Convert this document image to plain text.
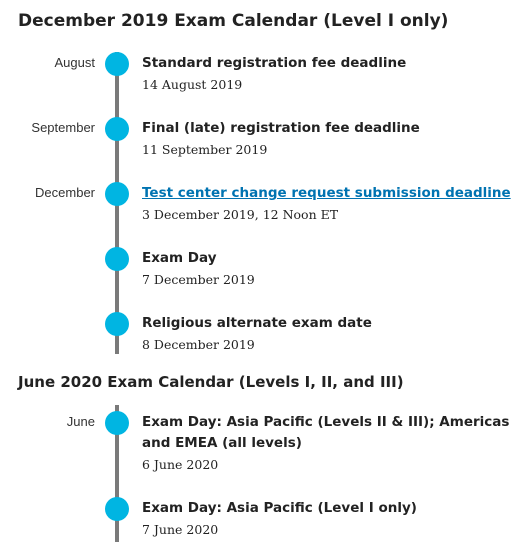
December 2019 Exam Calendar (Level I only)
August	Standard registration fee deadline
14 August 2019
September	Final (late) registration fee deadline
11 September 2019
December	Test center change request submission deadline
3 December 2019, 12 Noon ET
Exam Day
7 December 2019
Religious alternate exam date
8 December 2019
June 2020 Exam Calendar (Levels I, II, and III)
June	Exam Day: Asia Pacific (Levels II & III); Americas and EMEA (all levels)
6 June 2020
Exam Day: Asia Pacific (Level I only)
7 June 2020
